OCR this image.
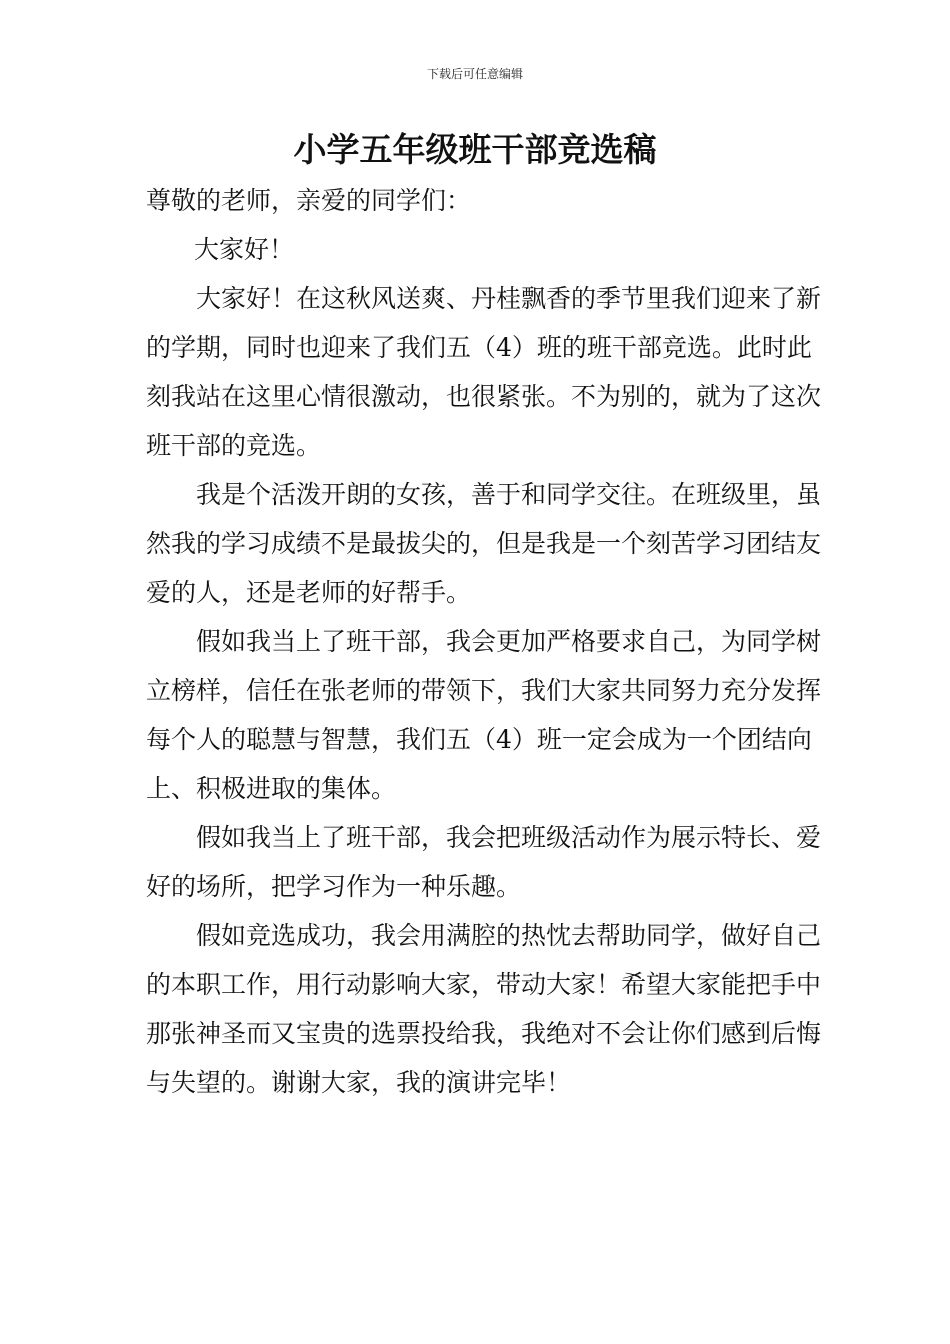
下载后可任意编辑
小学五年级班干部竞选稿

尊敬的老师，亲爱的同学们：

大家好！

大家好！在这秋风送爽、丹桂飘香的季节里我们迎来了新的学期，同时也迎来了我们五（4）班的班干部竞选。此时此刻我站在这里心情很激动，也很紧张。不为别的，就为了这次班干部的竞选。

我是个活泼开朗的女孩，善于和同学交往。在班级里，虽然我的学习成绩不是最拔尖的，但是我是一个刻苦学习团结友爱的人，还是老师的好帮手。

假如我当上了班干部，我会更加严格要求自己，为同学树立榜样，信任在张老师的带领下，我们大家共同努力充分发挥每个人的聪慧与智慧，我们五（4）班一定会成为一个团结向上、积极进取的集体。

假如我当上了班干部，我会把班级活动作为展示特长、爱好的场所，把学习作为一种乐趣。

假如竞选成功，我会用满腔的热忱去帮助同学，做好自己的本职工作，用行动影响大家，带动大家！希望大家能把手中那张神圣而又宝贵的选票投给我，我绝对不会让你们感到后悔与失望的。谢谢大家，我的演讲完毕！
